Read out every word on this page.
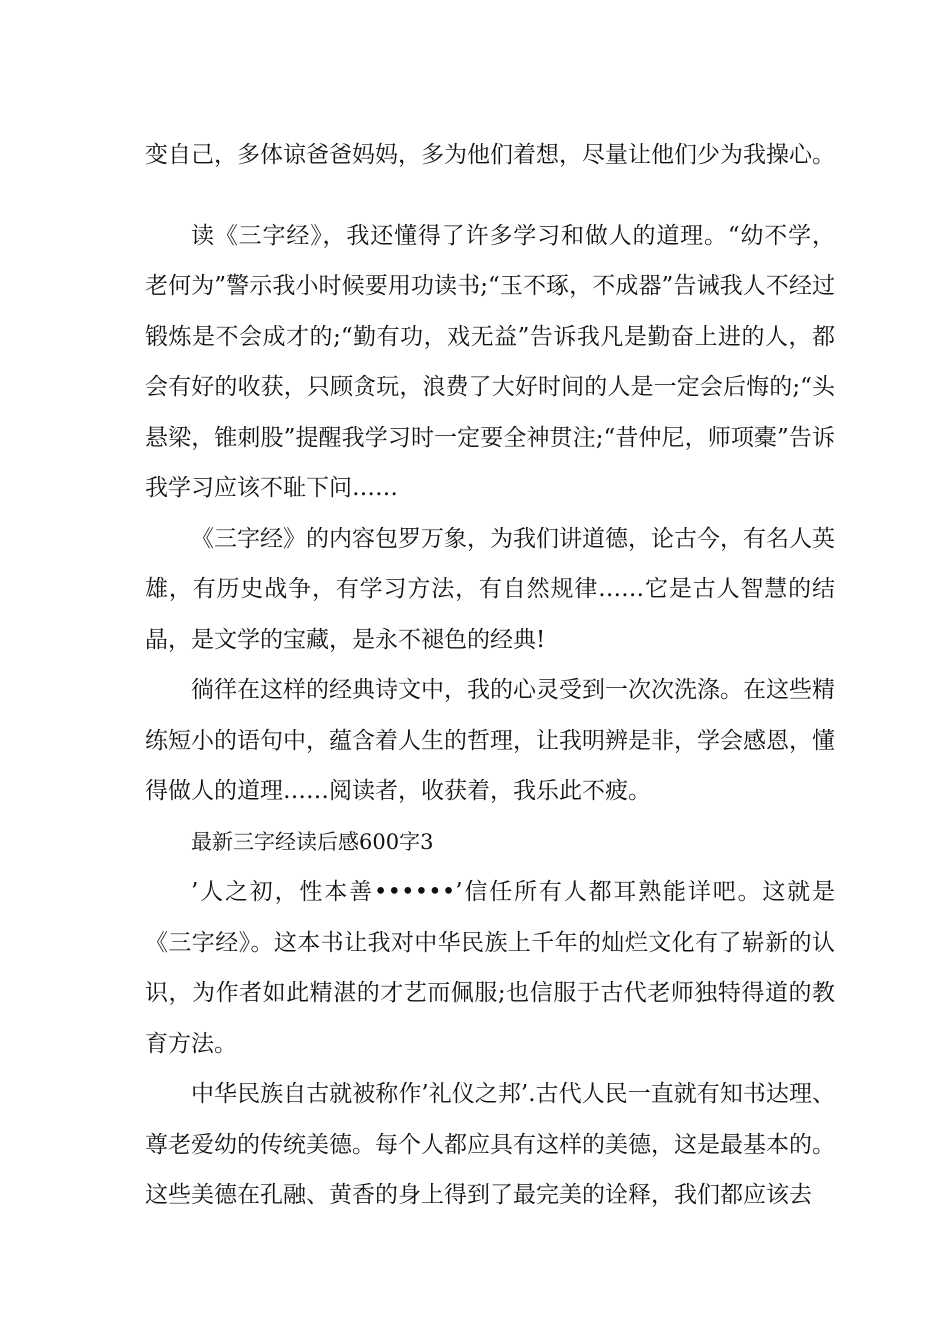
变自己，多体谅爸爸妈妈，多为他们着想，尽量让他们少为我操心。

读《三字经》，我还懂得了许多学习和做人的道理。“幼不学，老何为”警示我小时候要用功读书;“玉不琢，不成器”告诫我人不经过锻炼是不会成才的;“勤有功，戏无益”告诉我凡是勤奋上进的人，都会有好的收获，只顾贪玩，浪费了大好时间的人是一定会后悔的;“头悬梁，锥刺股”提醒我学习时一定要全神贯注;“昔仲尼，师项橐”告诉我学习应该不耻下问……

《三字经》的内容包罗万象，为我们讲道德，论古今，有名人英雄，有历史战争，有学习方法，有自然规律……它是古人智慧的结晶，是文学的宝藏，是永不褪色的经典!

徜徉在这样的经典诗文中，我的心灵受到一次次洗涤。在这些精练短小的语句中，蕴含着人生的哲理，让我明辨是非，学会感恩，懂得做人的道理……阅读者，收获着，我乐此不疲。

最新三字经读后感600字3

’人之初，性本善••••••’信任所有人都耳熟能详吧。这就是《三字经》。这本书让我对中华民族上千年的灿烂文化有了崭新的认识，为作者如此精湛的才艺而佩服;也信服于古代老师独特得道的教育方法。

中华民族自古就被称作’礼仪之邦’.古代人民一直就有知书达理、尊老爱幼的传统美德。每个人都应具有这样的美德，这是最基本的。这些美德在孔融、黄香的身上得到了最完美的诠释，我们都应该去
